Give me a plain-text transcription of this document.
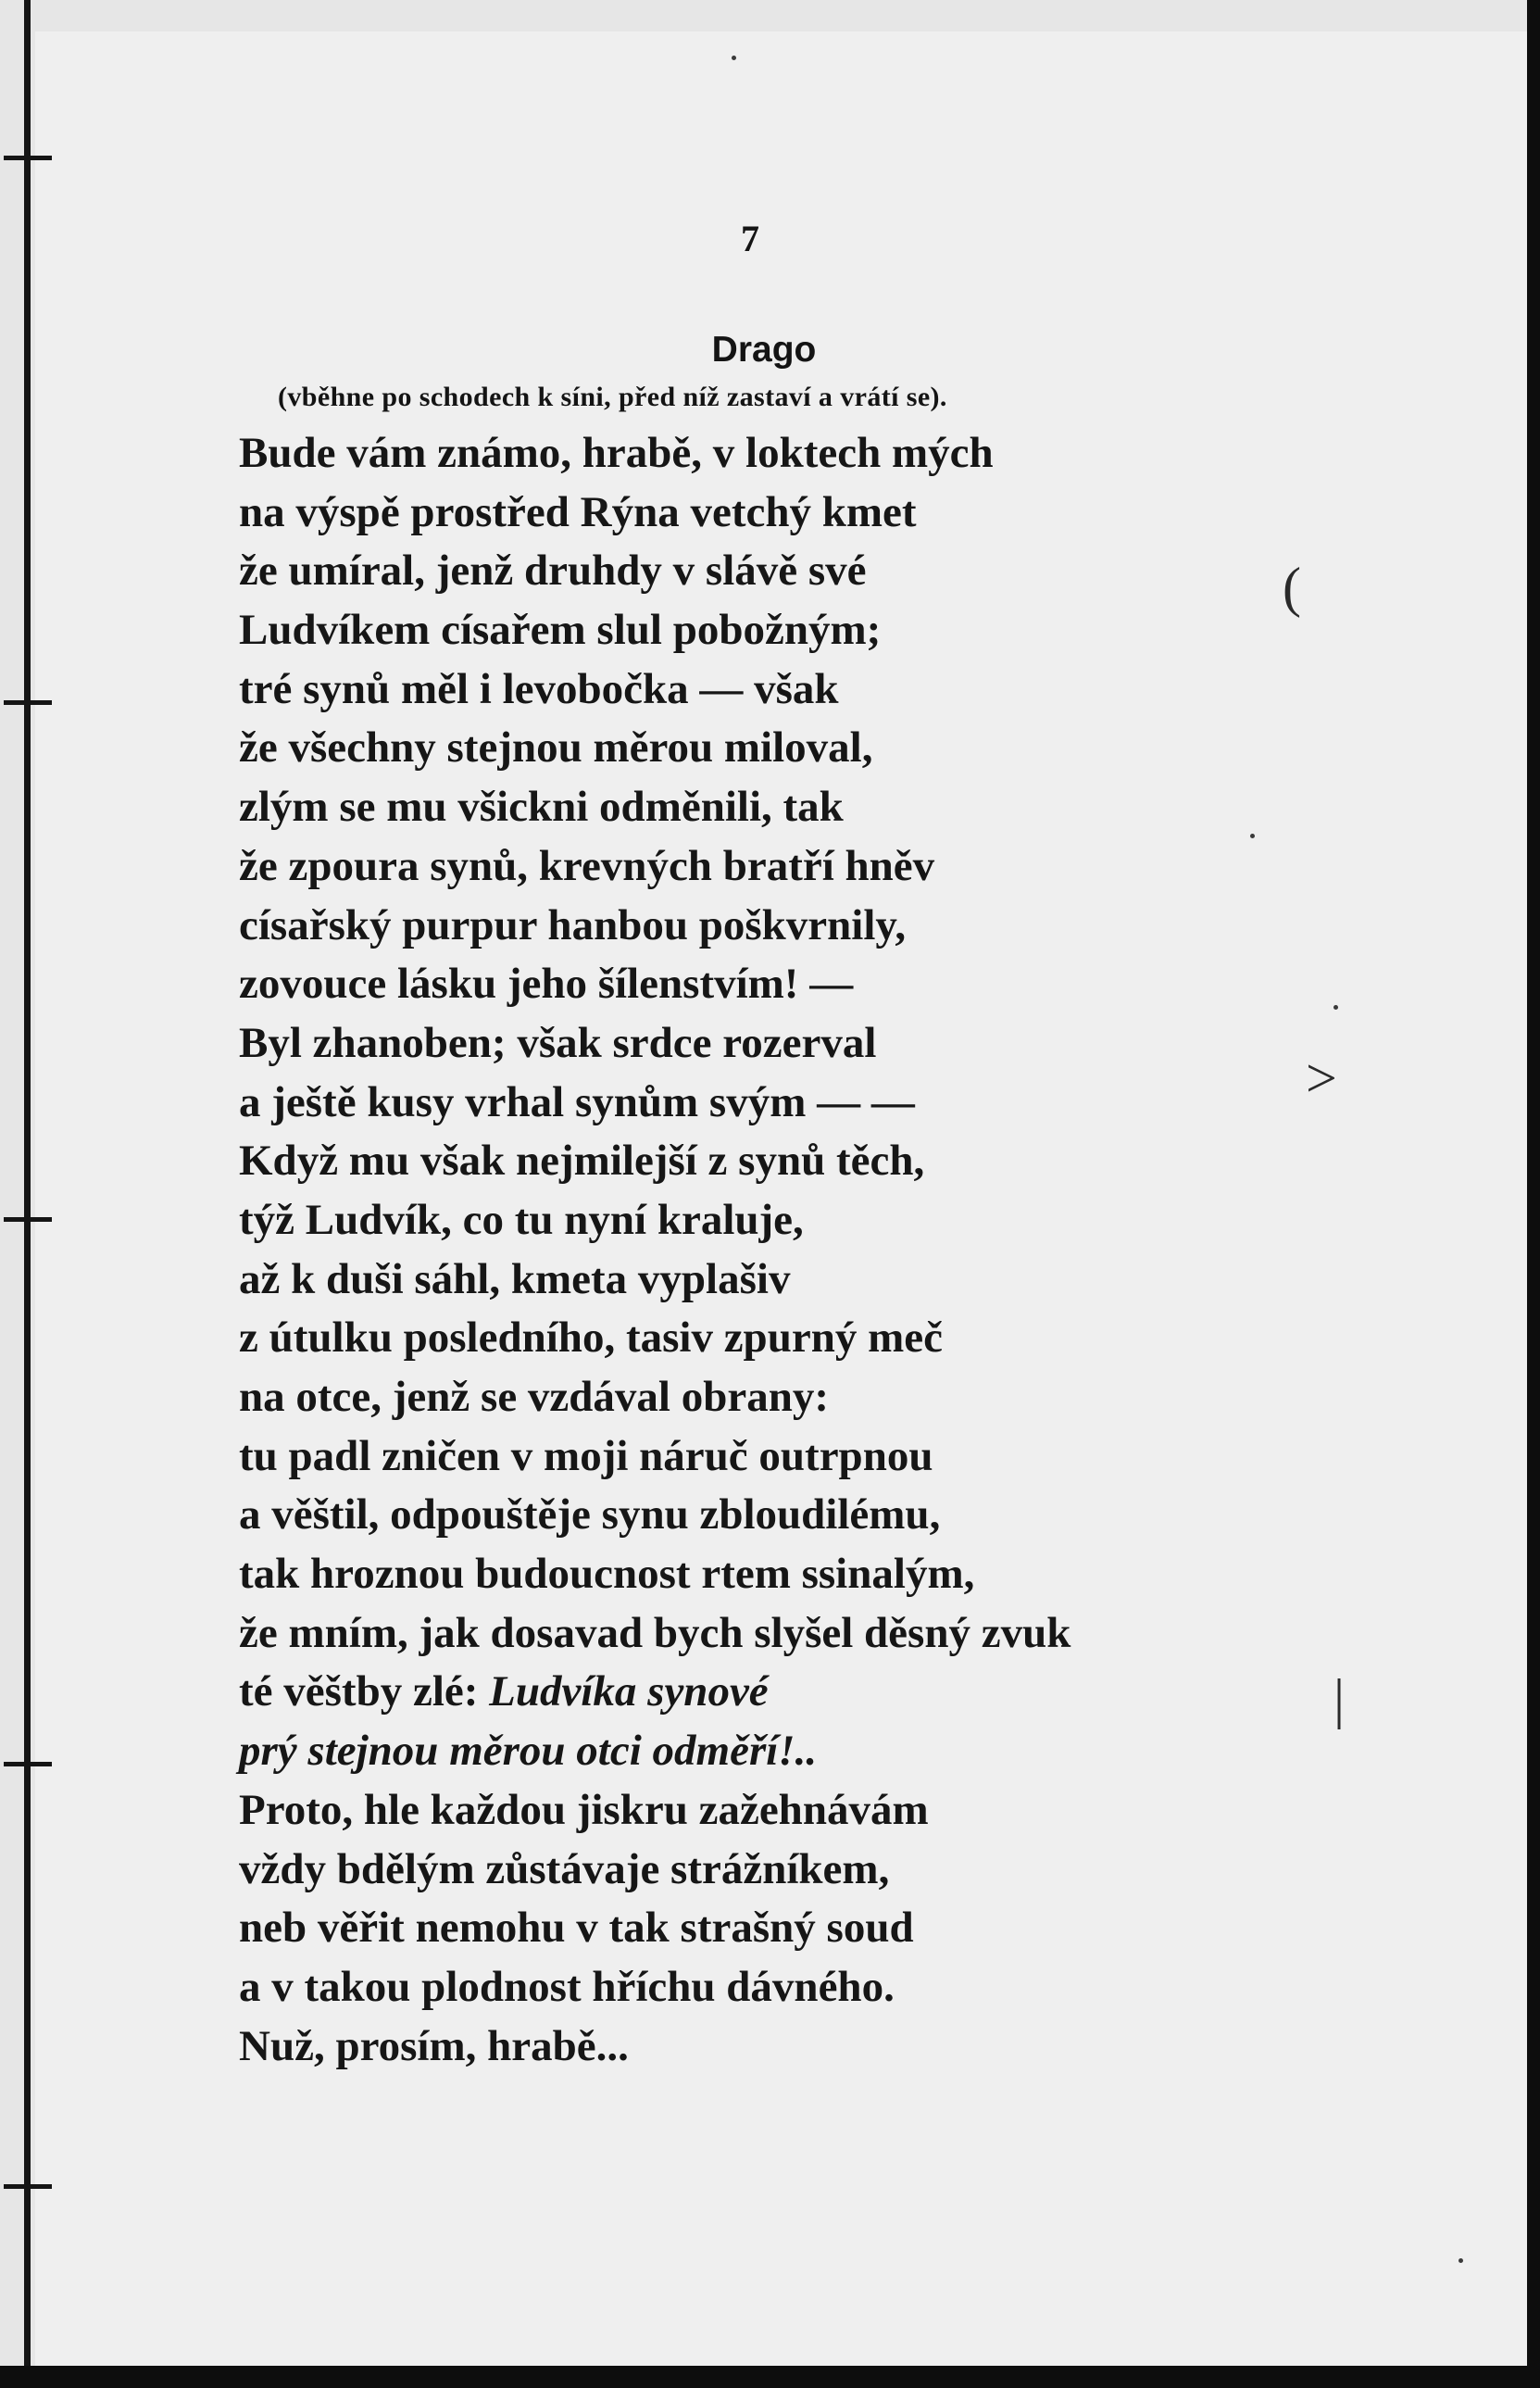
7
Drago
(vběhne po schodech k síni, před níž zastaví a vrátí se).
Bude vám známo, hrabě, v loktech mých
na výspě prostřed Rýna vetchý kmet
že umíral, jenž druhdy v slávě své
Ludvíkem císařem slul pobožným;
tré synů měl i levobočka — však
že všechny stejnou měrou miloval,
zlým se mu všickni odměnili, tak
že zpoura synů, krevných bratří hněv
císařský purpur hanbou poškvrnily,
zovouce lásku jeho šílenstvím! —
Byl zhanoben; však srdce rozerval
a ještě kusy vrhal synům svým — —
Když mu však nejmilejší z synů těch,
týž Ludvík, co tu nyní kraluje,
až k duši sáhl, kmeta vyplašiv
z útulku posledního, tasiv zpurný meč
na otce, jenž se vzdával obrany:
tu padl zničen v moji náruč outrpnou
a věštil, odpouštěje synu zbloudilému,
tak hroznou budoucnost rtem ssinalým,
že mním, jak dosavad bych slyšel děsný zvuk
té věštby zlé: Ludvíka synové
prý stejnou měrou otci odměří!..
Proto, hle každou jiskru zažehnávám
vždy bdělým zůstávaje strážníkem,
neb věřit nemohu v tak strašný soud
a v takou plodnost hříchu dávného.
Nuž, prosím, hrabě...
(
>
|
